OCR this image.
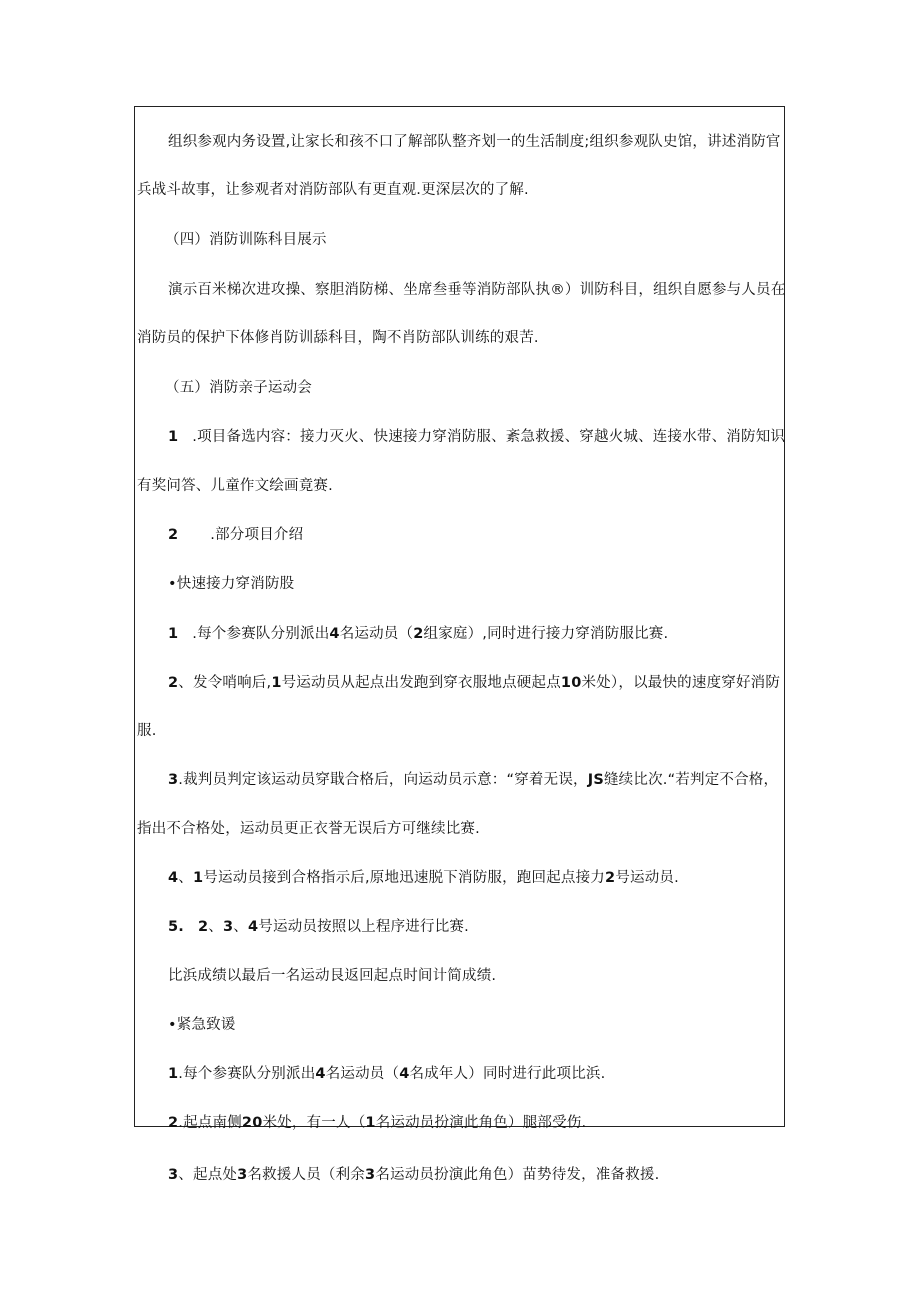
组织参观内务设置,让家长和孩不口了解部队整齐划一的生活制度;组织参观队史馆，讲述消防官
兵战斗故事，让参观者对消防部队有更直观.更深层次的了解.
（四）消防训陈科目展示
演示百米梯次进攻操、察胆消防梯、坐席叁垂等消防部队执®）训防科目，组织自愿参与人员在
消防员的保护下体修肖防训舔科目，陶不肖防部队训练的艰苦.
（五）消防亲子运动会
1 .项目备选内容：接力灭火、快速接力穿消防服、紊急救援、穿越火城、连接水带、消防知识
有奖问答、儿童作文绘画竟赛.
2 .部分项目介绍
•快速接力穿消防股
1 .每个参赛队分别派出4名运动员（2组家庭）,同时进行接力穿消防服比赛.
2、发令哨响后,1号运动员从起点出发跑到穿衣服地点硬起点10米处），以最快的速度穿好消防
服.
3.裁判员判定该运动员穿戢合格后，向运动员示意：“穿着无误，JS缝续比次.“若判定不合格，
指出不合格处，运动员更正衣誉无误后方可继续比赛.
4、1号运动员接到合格指示后,原地迅速脱下消防服，跑回起点接力2号运动员.
5. 2、3、4号运动员按照以上程序进行比赛.
比浜成绩以最后一名运动艮返回起点时间计简成绩.
•紧急致谖
1.每个参赛队分别派出4名运动员（4名成年人）同时进行此项比浜.
2.起点南侧20米处，有一人（1名运动员扮演此角色）腿部受伤.
3、起点处3名救援人员（利余3名运动员扮演此角色）苗势待发，准备救援.
